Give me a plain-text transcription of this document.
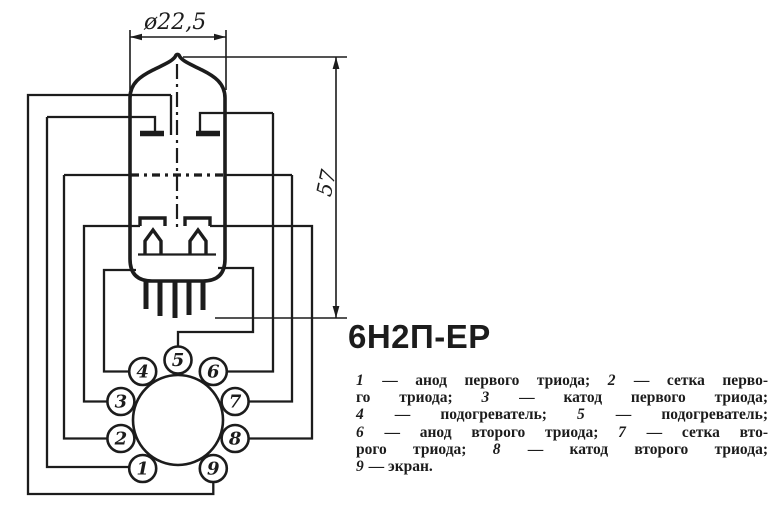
ø22,5
57
1
2
3
4
5
6
7
8
9
6Н2П-ЕР
1 — анод первого триода; 2 — сетка перво-
го триода; 3 — катод первого триода;
4 — подогреватель; 5 — подогреватель;
6 — анод второго триода; 7 — сетка вто-
рого триода; 8 — катод второго триода;
9 — экран.
